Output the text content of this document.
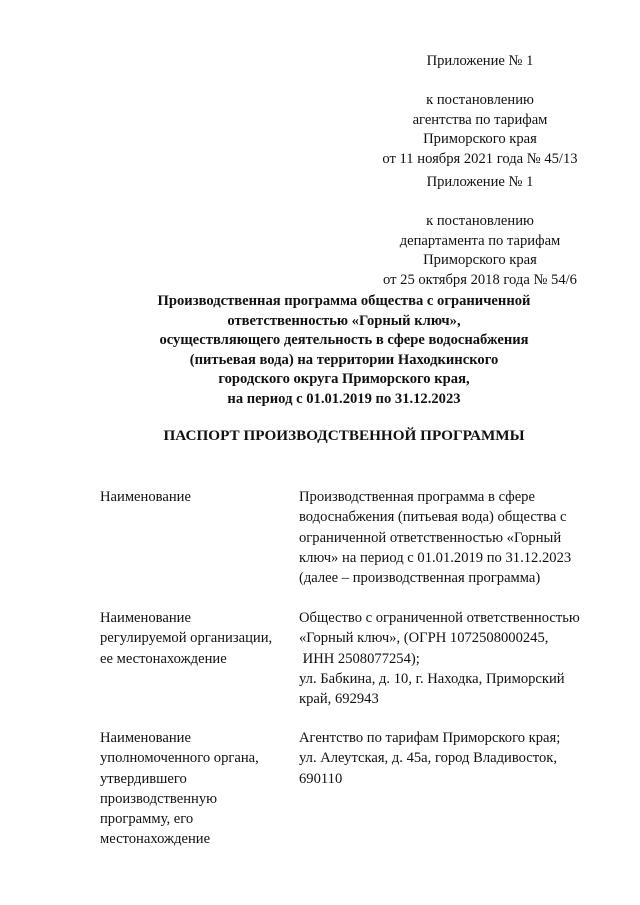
Приложение № 1
к постановлению
агентства по тарифам
Приморского края
от 11 ноября 2021 года № 45/13
Приложение № 1
к постановлению
департамента по тарифам
Приморского края
от 25 октября 2018 года № 54/6
Производственная программа общества с ограниченной
ответственностью «Горный ключ»,
осуществляющего деятельность в сфере водоснабжения
(питьевая вода) на территории Находкинского
городского округа Приморского края,
на период с 01.01.2019 по 31.12.2023
ПАСПОРТ ПРОИЗВОДСТВЕННОЙ ПРОГРАММЫ
Наименование	Производственная программа в сфере
водоснабжения (питьевая вода) общества с
ограниченной ответственностью «Горный
ключ» на период с 01.01.2019 по 31.12.2023
(далее – производственная программа)
Наименование
регулируемой организации,
ее местонахождение
Общество с ограниченной ответственностью
«Горный ключ», (ОГРН 1072508000245,
ИНН 2508077254);
ул. Бабкина, д. 10, г. Находка, Приморский
край, 692943
Наименование
уполномоченного органа,
утвердившего
производственную
программу, его
местонахождение
Агентство по тарифам Приморского края;
ул. Алеутская, д. 45а, город Владивосток,
690110
